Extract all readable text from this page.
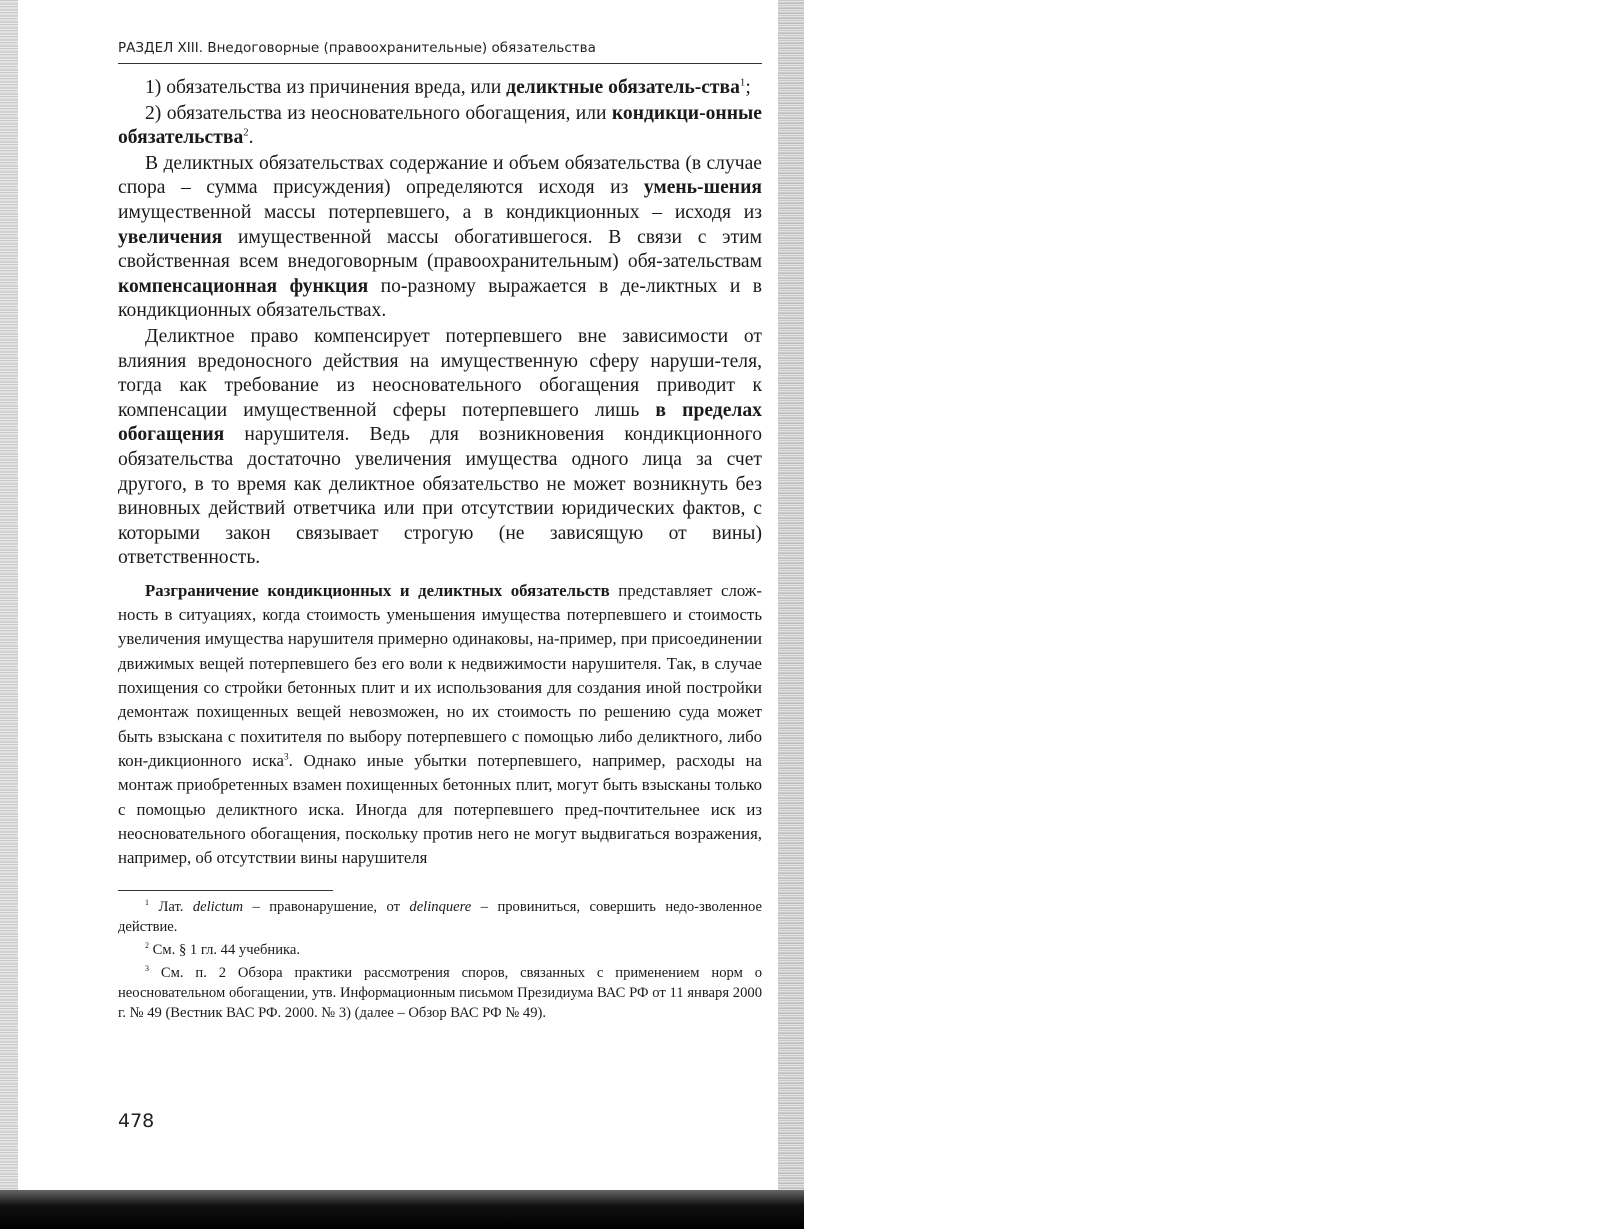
РАЗДЕЛ XIII. Внедоговорные (правоохранительные) обязательства

1) обязательства из причинения вреда, или деликтные обязатель-ства$^1$;

2) обязательства из неосновательного обогащения, или кондикци-онные обязательства$^2$.

В деликтных обязательствах содержание и объем обязательства (в случае спора – сумма присуждения) определяются исходя из умень-шения имущественной массы потерпевшего, а в кондикционных – исходя из увеличения имущественной массы обогатившегося. В связи с этим свойственная всем внедоговорным (правоохранительным) обя-зательствам компенсационная функция по-разному выражается в де-ликтных и в кондикционных обязательствах.

Деликтное право компенсирует потерпевшего вне зависимости от влияния вредоносного действия на имущественную сферу наруши-теля, тогда как требование из неосновательного обогащения приводит к компенсации имущественной сферы потерпевшего лишь в пределах обогащения нарушителя. Ведь для возникновения кондикционного обязательства достаточно увеличения имущества одного лица за счет другого, в то время как деликтное обязательство не может возникнуть без виновных действий ответчика или при отсутствии юридических фактов, с которыми закон связывает строгую (не зависящую от вины) ответственность.

Разграничение кондикционных и деликтных обязательств представляет слож-ность в ситуациях, когда стоимость уменьшения имущества потерпевшего и стоимость увеличения имущества нарушителя примерно одинаковы, на-пример, при присоединении движимых вещей потерпевшего без его воли к недвижимости нарушителя. Так, в случае похищения со стройки бетонных плит и их использования для создания иной постройки демонтаж похищенных вещей невозможен, но их стоимость по решению суда может быть взыскана с похитителя по выбору потерпевшего с помощью либо деликтного, либо кон-дикционного иска$^3$. Однако иные убытки потерпевшего, например, расходы на монтаж приобретенных взамен похищенных бетонных плит, могут быть взысканы только с помощью деликтного иска. Иногда для потерпевшего пред-почтительнее иск из неосновательного обогащения, поскольку против него не могут выдвигаться возражения, например, об отсутствии вины нарушителя

$^1$ Лат. delictum – правонарушение, от delinquere – провиниться, совершить недо-зволенное действие.

$^2$ См. § 1 гл. 44 учебника.

$^3$ См. п. 2 Обзора практики рассмотрения споров, связанных с применением норм о неосновательном обогащении, утв. Информационным письмом Президиума ВАС РФ от 11 января 2000 г. № 49 (Вестник ВАС РФ. 2000. № 3) (далее – Обзор ВАС РФ № 49).

478
